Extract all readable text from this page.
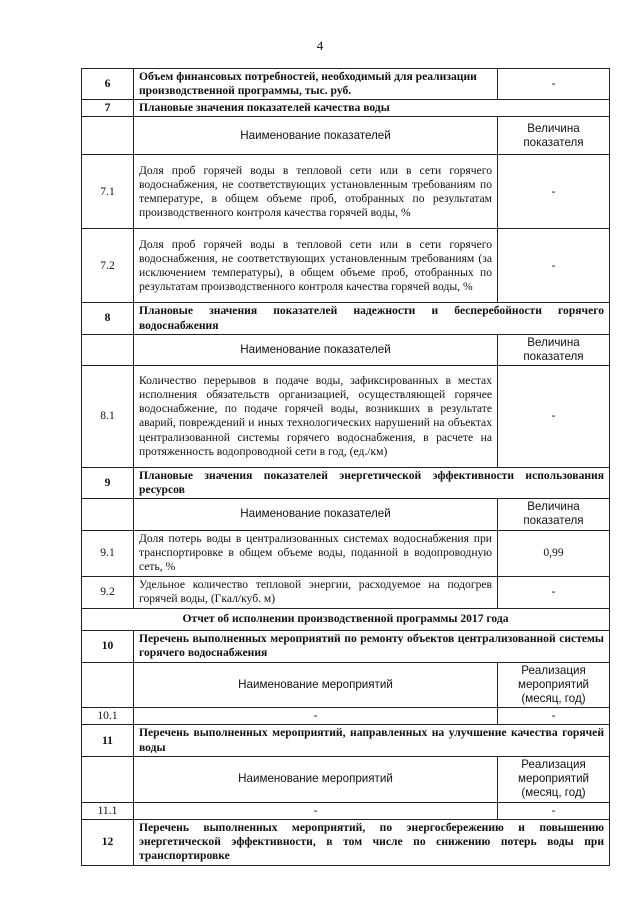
4
6	Объем финансовых потребностей, необходимый для реализации производственной программы, тыс. руб.	-
7	Плановые значения показателей качества воды	
	Наименование показателей	Величина показателя
7.1	Доля проб горячей воды в тепловой сети или в сети горячего водоснабжения, не соответствующих установленным требованиям по температуре, в общем объеме проб, отобранных по результатам производственного контроля качества горячей воды, %	-
7.2	Доля проб горячей воды в тепловой сети или в сети горячего водоснабжения, не соответствующих установленным требованиям (за исключением температуры), в общем объеме проб, отобранных по результатам производственного контроля качества горячей воды, %	-
8	Плановые значения показателей надежности и бесперебойности горячего водоснабжения	
	Наименование показателей	Величина показателя
8.1	Количество перерывов в подаче воды, зафиксированных в местах исполнения обязательств организацией, осуществляющей горячее водоснабжение, по подаче горячей воды, возникших в результате аварий, повреждений и иных технологических нарушений на объектах централизованной системы горячего водоснабжения, в расчете на протяженность водопроводной сети в год, (ед./км)	-
9	Плановые значения показателей энергетической эффективности использования ресурсов	
	Наименование показателей	Величина показателя
9.1	Доля потерь воды в централизованных системах водоснабжения при транспортировке в общем объеме воды, поданной в водопроводную сеть, %	0,99
9.2	Удельное количество тепловой энергии, расходуемое на подогрев горячей воды, (Гкал/куб. м)	-
Отчет об исполнении производственной программы 2017 года		
10	Перечень выполненных мероприятий по ремонту объектов централизованной системы горячего водоснабжения	
	Наименование мероприятий	Реализация мероприятий (месяц, год)
10.1	-	-
11	Перечень выполненных мероприятий, направленных на улучшение качества горячей воды	
	Наименование мероприятий	Реализация мероприятий (месяц, год)
11.1	-	-
12	Перечень выполненных мероприятий, по энергосбережению и повышению энергетической эффективности, в том числе по снижению потерь воды при транспортировке	
